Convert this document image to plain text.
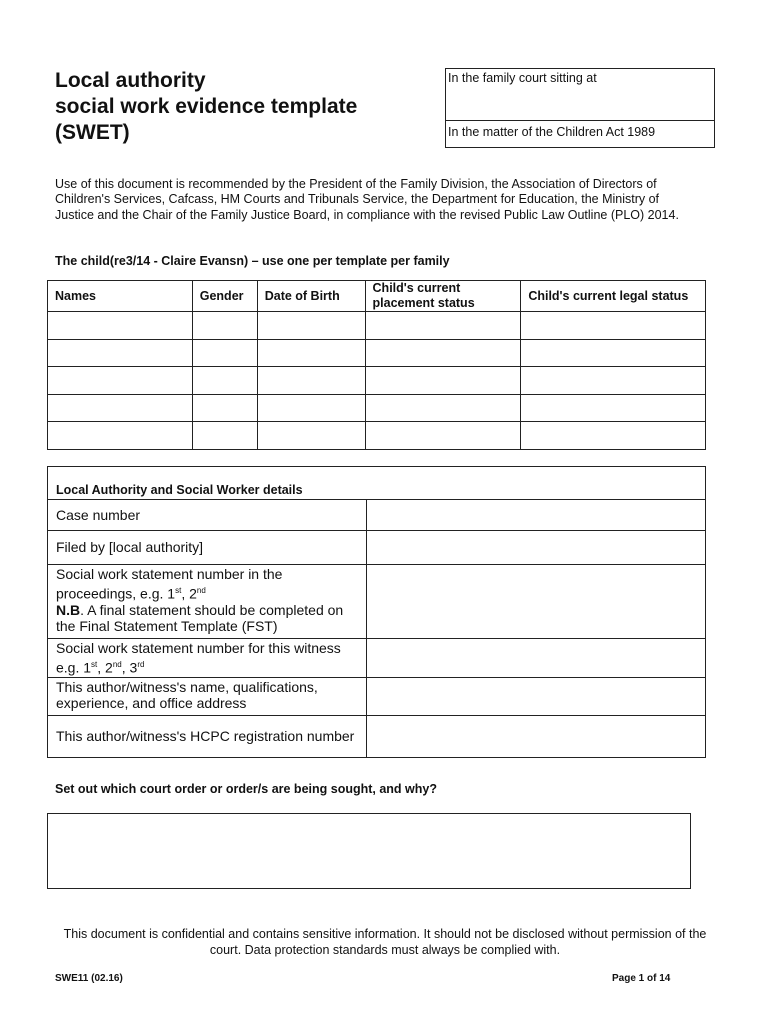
Local authority
social work evidence template
(SWET)
In the family court sitting at
In the matter of the Children Act 1989

Use of this document is recommended by the President of the Family Division, the Association of Directors of Children's Services, Cafcass, HM Courts and Tribunals Service, the Department for Education, the Ministry of Justice and the Chair of the Family Justice Board, in compliance with the revised Public Law Outline (PLO) 2014.

The child(re3/14 - Claire Evansn) – use one per template per family

Names	Gender	Date of Birth	Child's current placement status	Child's current legal status

Local Authority and Social Worker details	
Case number	
Filed by [local authority]	
Social work statement number in the proceedings, e.g. 1st, 2nd
N.B. A final statement should be completed on the Final Statement Template (FST)	
Social work statement number for this witness e.g. 1st, 2nd, 3rd	
This author/witness's name, qualifications, experience, and office address	
This author/witness's HCPC registration number	

Set out which court order or order/s are being sought, and why?

This document is confidential and contains sensitive information. It should not be disclosed without permission of the court. Data protection standards must always be complied with.

SWE11 (02.16)	Page 1 of 14
